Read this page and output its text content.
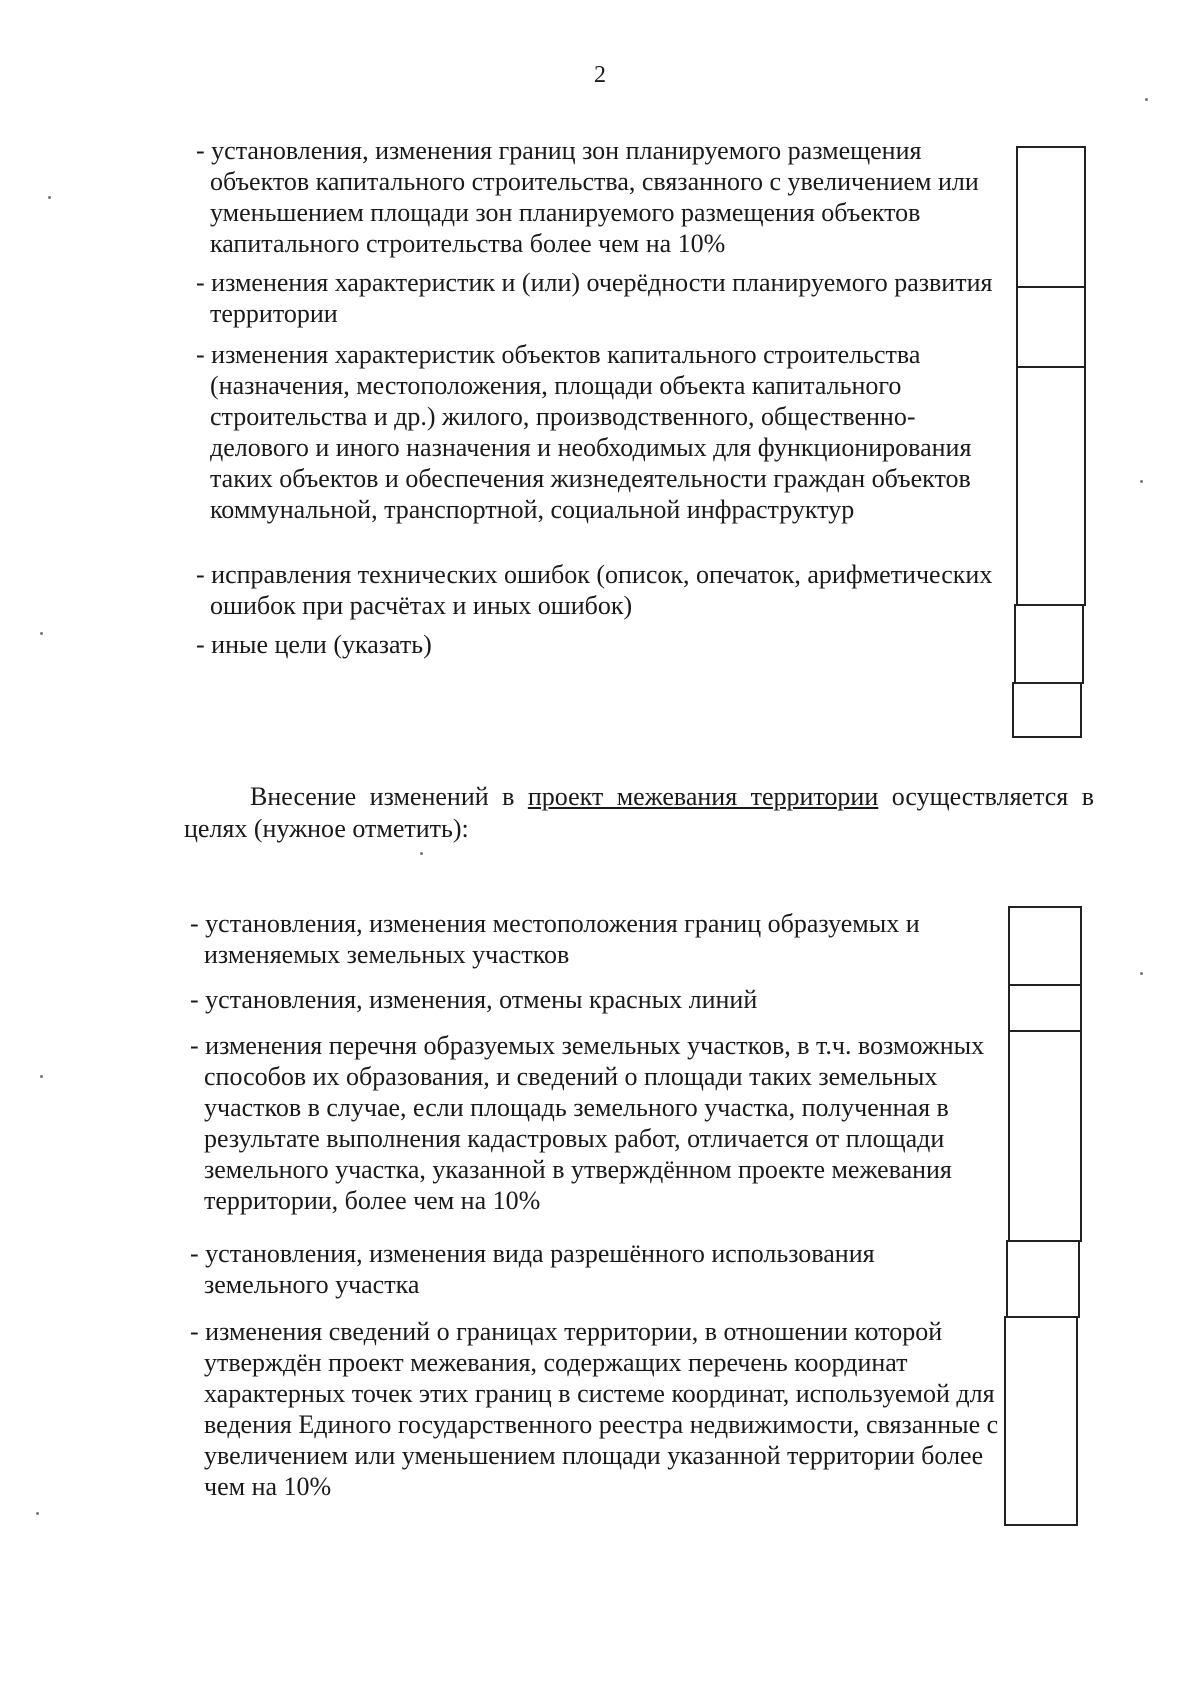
2
- установления, изменения границ зон планируемого размещения объектов капитального строительства, связанного с увеличением или уменьшением площади зон планируемого размещения объектов капитального строительства более чем на 10%
- изменения характеристик и (или) очерёдности планируемого развития территории
- изменения характеристик объектов капитального строительства (назначения, местоположения, площади объекта капитального строительства и др.) жилого, производственного, общественно-делового и иного назначения и необходимых для функционирования таких объектов и обеспечения жизнедеятельности граждан объектов коммунальной, транспортной, социальной инфраструктур
- исправления технических ошибок (описок, опечаток, арифметических ошибок при расчётах и иных ошибок)
- иные цели (указать)
Внесение изменений в проект межевания территории осуществляется в целях (нужное отметить):
- установления, изменения местоположения границ образуемых и изменяемых земельных участков
- установления, изменения, отмены красных линий
- изменения перечня образуемых земельных участков, в т.ч. возможных способов их образования, и сведений о площади таких земельных участков в случае, если площадь земельного участка, полученная в результате выполнения кадастровых работ, отличается от площади земельного участка, указанной в утверждённом проекте межевания территории, более чем на 10%
- установления, изменения вида разрешённого использования земельного участка
- изменения сведений о границах территории, в отношении которой утверждён проект межевания, содержащих перечень координат характерных точек этих границ в системе координат, используемой для ведения Единого государственного реестра недвижимости, связанные с увеличением или уменьшением площади указанной территории более чем на 10%
